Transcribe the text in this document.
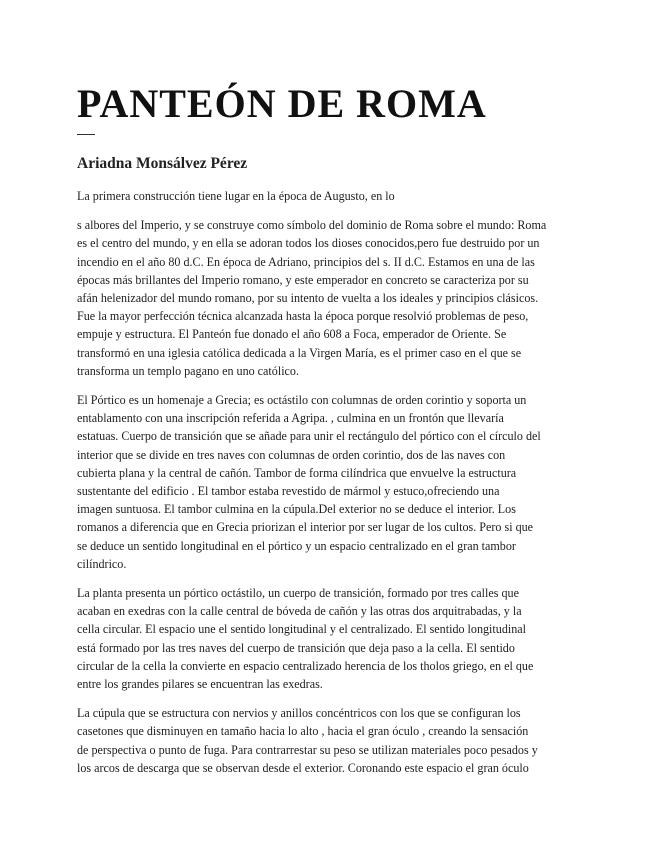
PANTEÓN DE ROMA
Ariadna Monsálvez Pérez

La primera construcción tiene lugar en la época de Augusto, en lo

s albores del Imperio, y se construye como símbolo del dominio de Roma sobre el mundo: Roma
es el centro del mundo, y en ella se adoran todos los dioses conocidos,pero fue destruido por un
incendio en el año 80 d.C. En época de Adriano, principios del s. II d.C. Estamos en una de las
épocas más brillantes del Imperio romano, y este emperador en concreto se caracteriza por su
afán helenizador del mundo romano, por su intento de vuelta a los ideales y principios clásicos.
Fue la mayor perfección técnica alcanzada hasta la época porque resolvió problemas de peso,
empuje y estructura. El Panteón fue donado el año 608 a Foca, emperador de Oriente. Se
transformó en una iglesia católica dedicada a la Virgen María, es el primer caso en el que se
transforma un templo pagano en uno católico.

El Pórtico es un homenaje a Grecia; es octástilo con columnas de orden corintio y soporta un
entablamento con una inscripción referida a Agripa. , culmina en un frontón que llevaría
estatuas. Cuerpo de transición que se añade para unir el rectángulo del pórtico con el círculo del
interior que se divide en tres naves con columnas de orden corintio, dos de las naves con
cubierta plana y la central de cañón. Tambor de forma cilíndrica que envuelve la estructura
sustentante del edificio . El tambor estaba revestido de mármol y estuco,ofreciendo una
imagen suntuosa. El tambor culmina en la cúpula.Del exterior no se deduce el interior. Los
romanos a diferencia que en Grecia priorizan el interior por ser lugar de los cultos. Pero si que
se deduce un sentido longitudinal en el pórtico y un espacio centralizado en el gran tambor
cilíndrico.

La planta presenta un pórtico octástilo, un cuerpo de transición, formado por tres calles que
acaban en exedras con la calle central de bóveda de cañón y las otras dos arquitrabadas, y la
cella circular. El espacio une el sentido longitudinal y el centralizado. El sentido longitudinal
está formado por las tres naves del cuerpo de transición que deja paso a la cella. El sentido
circular de la cella la convierte en espacio centralizado herencia de los tholos griego, en el que
entre los grandes pilares se encuentran las exedras.

La cúpula que se estructura con nervios y anillos concéntricos con los que se configuran los
casetones que disminuyen en tamaño hacia lo alto , hacia el gran óculo , creando la sensación
de perspectiva o punto de fuga. Para contrarrestar su peso se utilizan materiales poco pesados y
los arcos de descarga que se observan desde el exterior. Coronando este espacio el gran óculo
